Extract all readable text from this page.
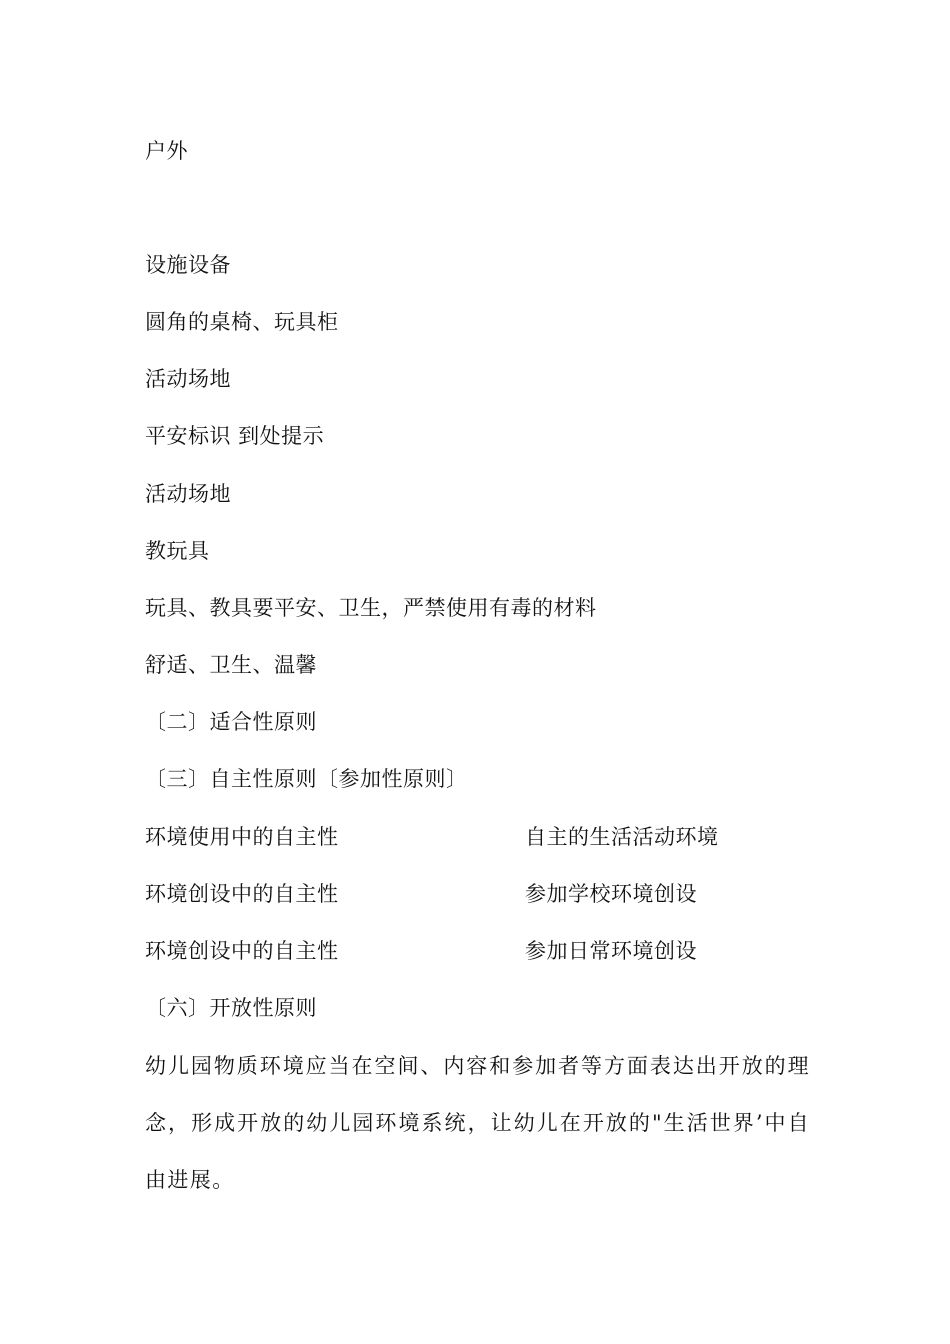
户外
设施设备
圆角的桌椅、玩具柜
活动场地
平安标识 到处提示
活动场地
教玩具
玩具、教具要平安、卫生，严禁使用有毒的材料
舒适、卫生、温馨
〔二〕适合性原则
〔三〕自主性原则〔参加性原则〕
环境使用中的自主性	自主的生活活动环境
环境创设中的自主性	参加学校环境创设
环境创设中的自主性	参加日常环境创设
〔六〕开放性原则
幼儿园物质环境应当在空间、内容和参加者等方面表达出开放的理念，形成开放的幼儿园环境系统，让幼儿在开放的"生活世界’中自由进展。
